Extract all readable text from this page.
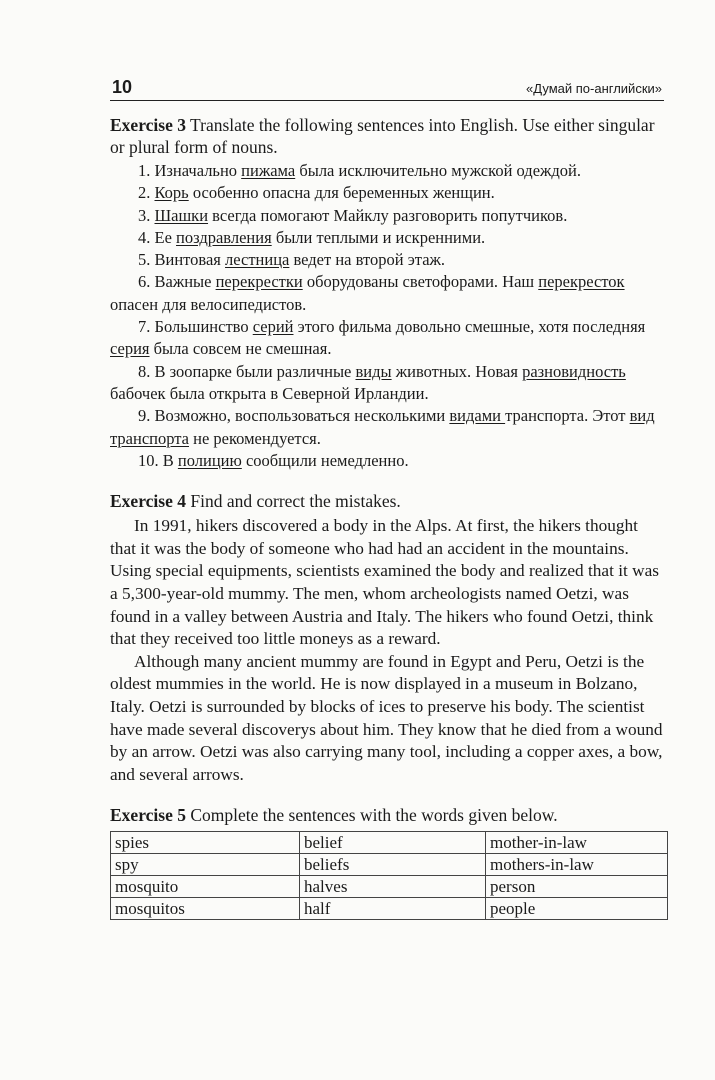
10	«Думай по-английски»

Exercise 3 Translate the following sentences into English. Use either singular or plural form of nouns.

1. Изначально пижама была исключительно мужской одеждой.

2. Корь особенно опасна для беременных женщин.

3. Шашки всегда помогают Майклу разговорить попутчиков.

4. Ее поздравления были теплыми и искренними.

5. Винтовая лестница ведет на второй этаж.

6. Важные перекрестки оборудованы светофорами. Наш перекресток опасен для велосипедистов.

7. Большинство серий этого фильма довольно смешные, хотя последняя серия была совсем не смешная.

8. В зоопарке были различные виды животных. Новая разновидность бабочек была открыта в Северной Ирландии.

9. Возможно, воспользоваться несколькими видами транспорта. Этот вид транспорта не рекомендуется.

10. В полицию сообщили немедленно.

Exercise 4 Find and correct the mistakes.

In 1991, hikers discovered a body in the Alps. At first, the hikers thought that it was the body of someone who had had an accident in the mountains. Using special equipments, scientists examined the body and realized that it was a 5,300-year-old mummy. The men, whom archeologists named Oetzi, was found in a valley between Austria and Italy. The hikers who found Oetzi, think that they received too little moneys as a reward.

Although many ancient mummy are found in Egypt and Peru, Oetzi is the oldest mummies in the world. He is now displayed in a museum in Bolzano, Italy. Oetzi is surrounded by blocks of ices to preserve his body. The scientist have made several discoverys about him. They know that he died from a wound by an arrow. Oetzi was also carrying many tool, including a copper axes, a bow, and several arrows.

Exercise 5 Complete the sentences with the words given below.

spies	belief	mother-in-law
spy	beliefs	mothers-in-law
mosquito	halves	person
mosquitos	half	people
